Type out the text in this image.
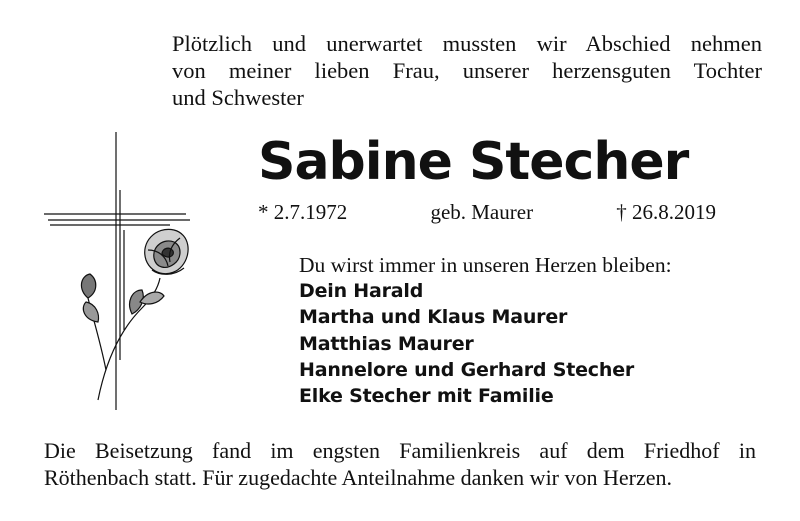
Plötzlich und unerwartet mussten wir Abschied nehmen
von meiner lieben Frau, unserer herzensguten Tochter
und Schwester
Sabine Stecher
* 2.7.1972	geb. Maurer	† 26.8.2019
Du wirst immer in unseren Herzen bleiben:
Dein Harald
Martha und Klaus Maurer
Matthias Maurer
Hannelore und Gerhard Stecher
Elke Stecher mit Familie
Die Beisetzung fand im engsten Familienkreis auf dem Friedhof in
Röthenbach statt. Für zugedachte Anteilnahme danken wir von Herzen.
